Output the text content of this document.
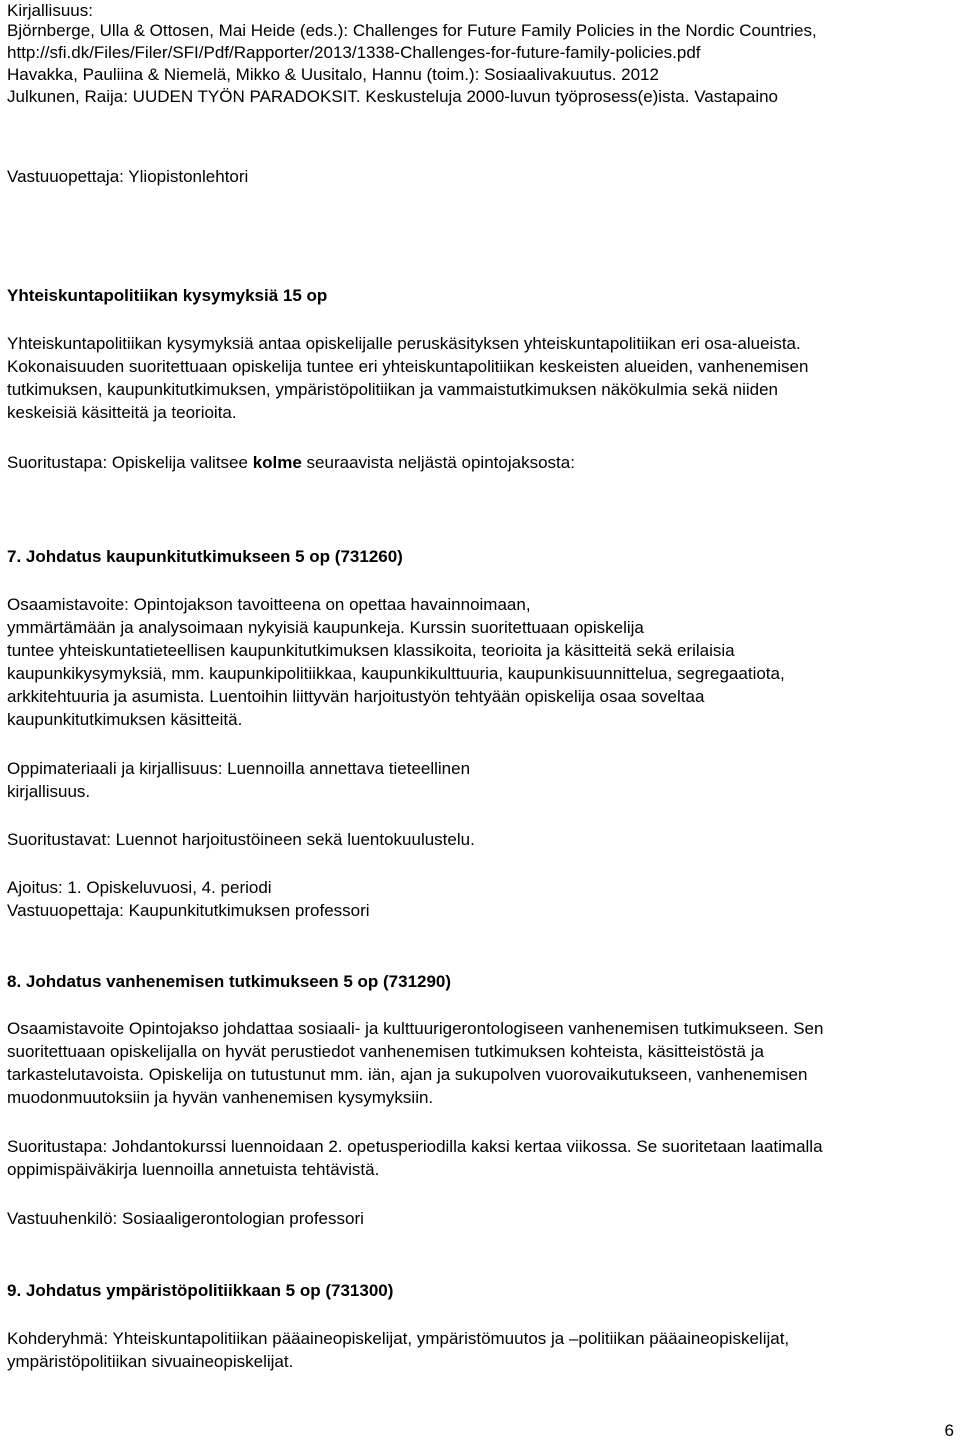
Kirjallisuus:
Björnberge, Ulla & Ottosen, Mai Heide (eds.): Challenges for Future Family Policies in the Nordic Countries,
http://sfi.dk/Files/Filer/SFI/Pdf/Rapporter/2013/1338-Challenges-for-future-family-policies.pdf
Havakka, Pauliina & Niemelä, Mikko & Uusitalo, Hannu (toim.): Sosiaalivakuutus. 2012
Julkunen, Raija: UUDEN TYÖN PARADOKSIT. Keskusteluja 2000-luvun työprosess(e)ista. Vastapaino
Vastuuopettaja: Yliopistonlehtori
Yhteiskuntapolitiikan kysymyksiä 15 op
Yhteiskuntapolitiikan kysymyksiä antaa opiskelijalle peruskäsityksen yhteiskuntapolitiikan eri osa-alueista.
Kokonaisuuden suoritettuaan opiskelija tuntee eri yhteiskuntapolitiikan keskeisten alueiden, vanhenemisen
tutkimuksen, kaupunkitutkimuksen, ympäristöpolitiikan ja vammaistutkimuksen näkökulmia sekä niiden
keskeisiä käsitteitä ja teorioita.
Suoritustapa: Opiskelija valitsee kolme seuraavista neljästä opintojaksosta:
7. Johdatus kaupunkitutkimukseen 5 op (731260)
Osaamistavoite: Opintojakson tavoitteena on opettaa havainnoimaan,
ymmärtämään ja analysoimaan nykyisiä kaupunkeja. Kurssin suoritettuaan opiskelija
tuntee yhteiskuntatieteellisen kaupunkitutkimuksen klassikoita, teorioita ja käsitteitä sekä erilaisia
kaupunkikysymyksiä, mm. kaupunkipolitiikkaa, kaupunkikulttuuria, kaupunkisuunnittelua, segregaatiota,
arkkitehtuuria ja asumista. Luentoihin liittyvän harjoitustyön tehtyään opiskelija osaa soveltaa
kaupunkitutkimuksen käsitteitä.
Oppimateriaali ja kirjallisuus: Luennoilla annettava tieteellinen
kirjallisuus.
Suoritustavat: Luennot harjoitustöineen sekä luentokuulustelu.
Ajoitus: 1. Opiskeluvuosi, 4. periodi
Vastuuopettaja: Kaupunkitutkimuksen professori
8. Johdatus vanhenemisen tutkimukseen 5 op (731290)
Osaamistavoite Opintojakso johdattaa sosiaali- ja kulttuurigerontologiseen vanhenemisen tutkimukseen. Sen
suoritettuaan opiskelijalla on hyvät perustiedot vanhenemisen tutkimuksen kohteista, käsitteistöstä ja
tarkastelutavoista. Opiskelija on tutustunut mm. iän, ajan ja sukupolven vuorovaikutukseen, vanhenemisen
muodonmuutoksiin ja hyvän vanhenemisen kysymyksiin.
Suoritustapa: Johdantokurssi luennoidaan 2. opetusperiodilla kaksi kertaa viikossa. Se suoritetaan laatimalla
oppimispäiväkirja luennoilla annetuista tehtävistä.
Vastuuhenkilö: Sosiaaligerontologian professori
9. Johdatus ympäristöpolitiikkaan 5 op (731300)
Kohderyhmä: Yhteiskuntapolitiikan pääaineopiskelijat, ympäristömuutos ja –politiikan pääaineopiskelijat,
ympäristöpolitiikan sivuaineopiskelijat.
6
